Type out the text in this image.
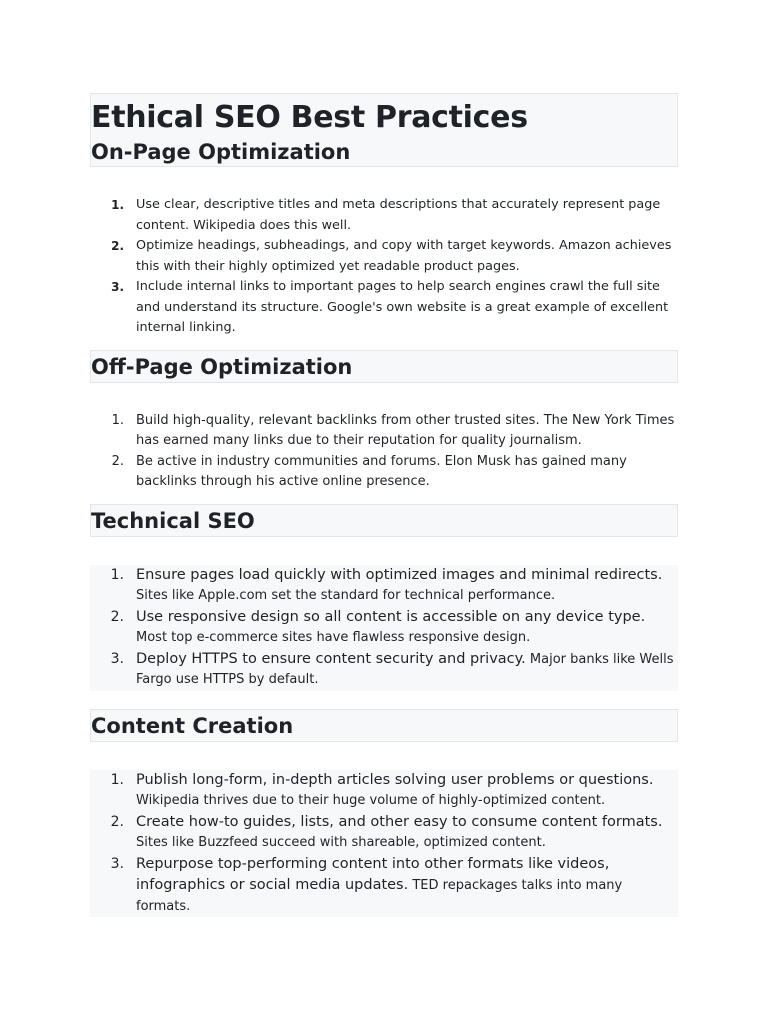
Ethical SEO Best Practices
On-Page Optimization
1 .	Use clear, descriptive titles and meta descriptions that accurately represent page content. Wikipedia does this well.
2 .	Optimize headings, subheadings, and copy with target keywords. Amazon achieves this with their highly optimized yet readable product pages.
3 .	Include internal links to important pages to help search engines crawl the full site and understand its structure. Google's own website is a great example of excellent internal linking.
Off-Page Optimization
1 .	Build high-quality, relevant backlinks from other trusted sites. The New York Times has earned many links due to their reputation for quality journalism.
2 .	Be active in industry communities and forums. Elon Musk has gained many backlinks through his active online presence.
Technical SEO
1 .	Ensure pages load quickly with optimized images and minimal redirects. Sites like Apple.com set the standard for technical performance.
2 .	Use responsive design so all content is accessible on any device type. Most top e-commerce sites have flawless responsive design.
3 .	Deploy HTTPS to ensure content security and privacy. Major banks like Wells Fargo use HTTPS by default.
Content Creation
1 .	Publish long-form, in-depth articles solving user problems or questions. Wikipedia thrives due to their huge volume of highly-optimized content.
2 .	Create how-to guides, lists, and other easy to consume content formats. Sites like Buzzfeed succeed with shareable, optimized content.
3 .	Repurpose top-performing content into other formats like videos, infographics or social media updates. TED repackages talks into many formats.
